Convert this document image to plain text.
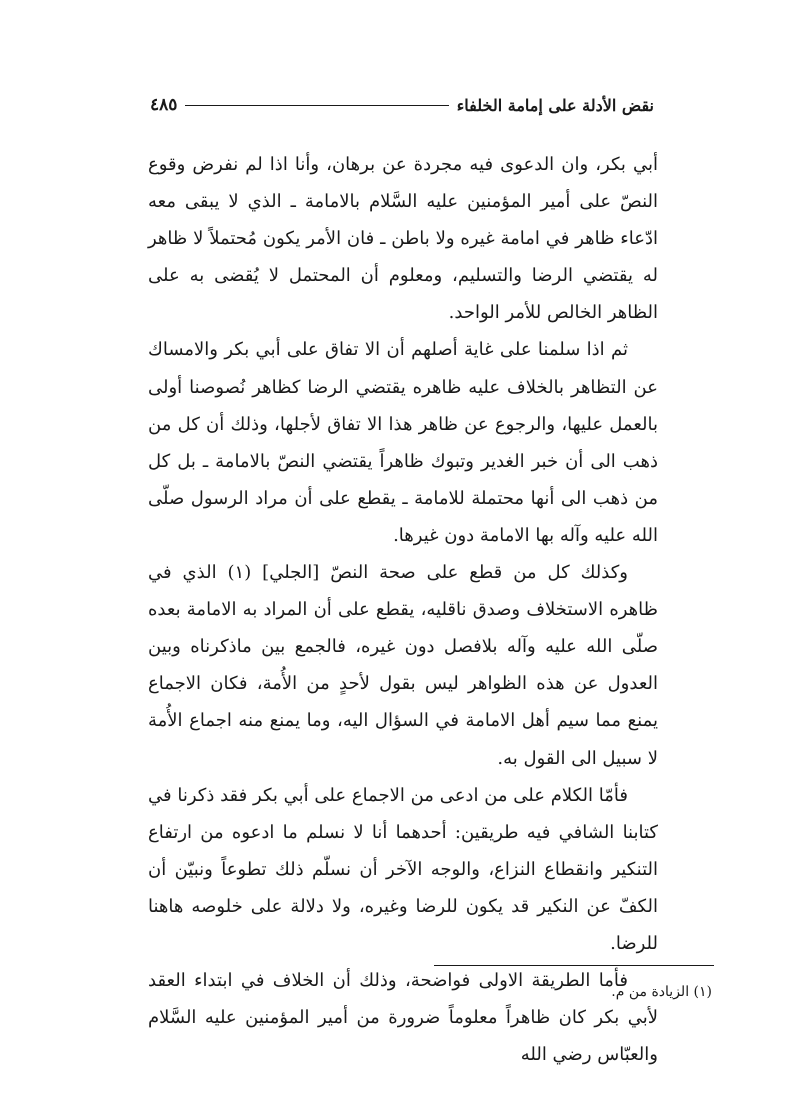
نقض الأدلة على إمامة الخلفاء
٤٨٥

أبي بكر، وان الدعوى فيه مجردة عن برهان، وأنا اذا لم نفرض وقوع النصّ على أمير المؤمنين عليه السَّلام بالامامة ـ الذي لا يبقى معه ادّعاء ظاهر في امامة غيره ولا باطن ـ فان الأمر يكون مُحتملاً لا ظاهر له يقتضي الرضا والتسليم، ومعلوم أن المحتمل لا يُقضى به على الظاهر الخالص للأمر الواحد.

ثم اذا سلمنا على غاية أصلهم أن الا تفاق على أبي بكر والامساك عن التظاهر بالخلاف عليه ظاهره يقتضي الرضا كظاهر نُصوصنا أولى بالعمل عليها، والرجوع عن ظاهر هذا الا تفاق لأجلها، وذلك أن كل من ذهب الى أن خبر الغدير وتبوك ظاهراً يقتضي النصّ بالامامة ـ بل كل من ذهب الى أنها محتملة للامامة ـ يقطع على أن مراد الرسول صلّى الله عليه وآله بها الامامة دون غيرها.

وكذلك كل من قطع على صحة النصّ [الجلي] (١) الذي في ظاهره الاستخلاف وصدق ناقليه، يقطع على أن المراد به الامامة بعده صلّى الله عليه وآله بلافصل دون غيره، فالجمع بين ماذكرناه وبين العدول عن هذه الظواهر ليس بقول لأحدٍ من الأُمة، فكان الاجماع يمنع مما سيم أهل الامامة في السؤال اليه، وما يمنع منه اجماع الأُمة لا سبيل الى القول به.

فأمّا الكلام على من ادعى من الاجماع على أبي بكر فقد ذكرنا في كتابنا الشافي فيه طريقين: أحدهما أنا لا نسلم ما ادعوه من ارتفاع التنكير وانقطاع النزاع، والوجه الآخر أن نسلّم ذلك تطوعاً ونبيّن أن الكفّ عن النكير قد يكون للرضا وغيره، ولا دلالة على خلوصه هاهنا للرضا.

فأما الطريقة الاولى فواضحة، وذلك أن الخلاف في ابتداء العقد لأبي بكر كان ظاهراً معلوماً ضرورة من أمير المؤمنين عليه السَّلام والعبّاس رضي الله

(١) الزيادة من م.
